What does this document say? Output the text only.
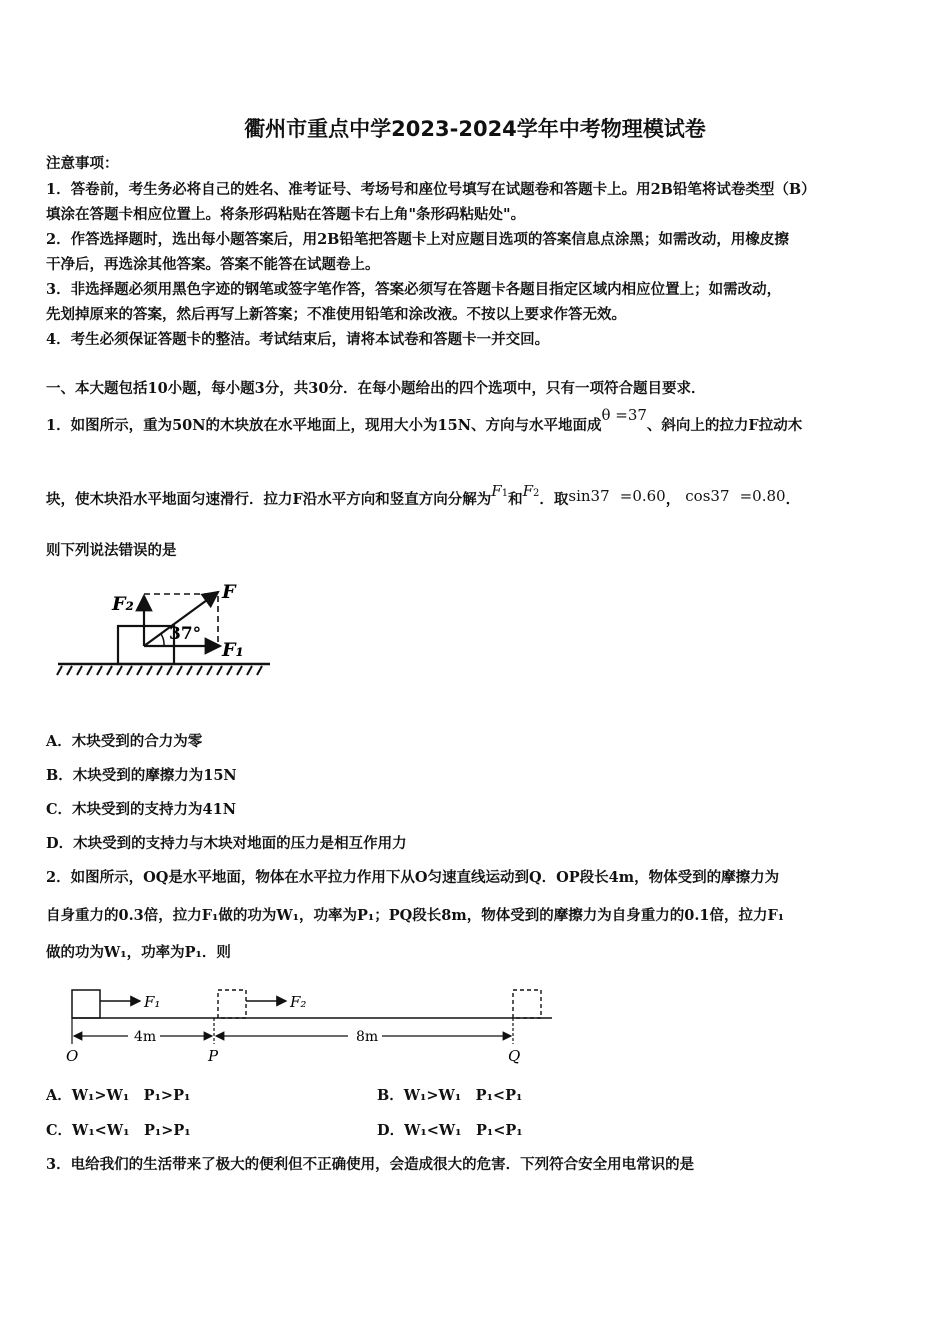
衢州市重点中学2023-2024学年中考物理模试卷
注意事项：
1．答卷前，考生务必将自己的姓名、准考证号、考场号和座位号填写在试题卷和答题卡上。用2B铅笔将试卷类型（B）
填涂在答题卡相应位置上。将条形码粘贴在答题卡右上角"条形码粘贴处"。
2．作答选择题时，选出每小题答案后，用2B铅笔把答题卡上对应题目选项的答案信息点涂黑；如需改动，用橡皮擦
干净后，再选涂其他答案。答案不能答在试题卷上。
3．非选择题必须用黑色字迹的钢笔或签字笔作答，答案必须写在答题卡各题目指定区域内相应位置上；如需改动，
先划掉原来的答案，然后再写上新答案；不准使用铅笔和涂改液。不按以上要求作答无效。
4．考生必须保证答题卡的整洁。考试结束后，请将本试卷和答题卡一并交回。
一、本大题包括10小题，每小题3分，共30分．在每小题给出的四个选项中，只有一项符合题目要求．
1．如图所示，重为50N的木块放在水平地面上，现用大小为15N、方向与水平地面成θ =37、斜向上的拉力F拉动木
块，使木块沿水平地面匀速滑行．拉力F沿水平方向和竖直方向分解为F1和F2．取sin37 =0.60， cos37 =0.80．
则下列说法错误的是
F₂
F
37°
F₁
A．木块受到的合力为零
B．木块受到的摩擦力为15N
C．木块受到的支持力为41N
D．木块受到的支持力与木块对地面的压力是相互作用力
2．如图所示，OQ是水平地面，物体在水平拉力作用下从O匀速直线运动到Q．OP段长4m，物体受到的摩擦力为
自身重力的0.3倍，拉力F₁做的功为W₁，功率为P₁；PQ段长8m，物体受到的摩擦力为自身重力的0.1倍，拉力F₁
做的功为W₁，功率为P₁．则
F₁	F₂
4m	8m
O	P	Q
A．W₁>W₁　P₁>P₁	B．W₁>W₁　P₁<P₁
C．W₁<W₁　P₁>P₁	D．W₁<W₁　P₁<P₁
3．电给我们的生活带来了极大的便利但不正确使用，会造成很大的危害．下列符合安全用电常识的是
